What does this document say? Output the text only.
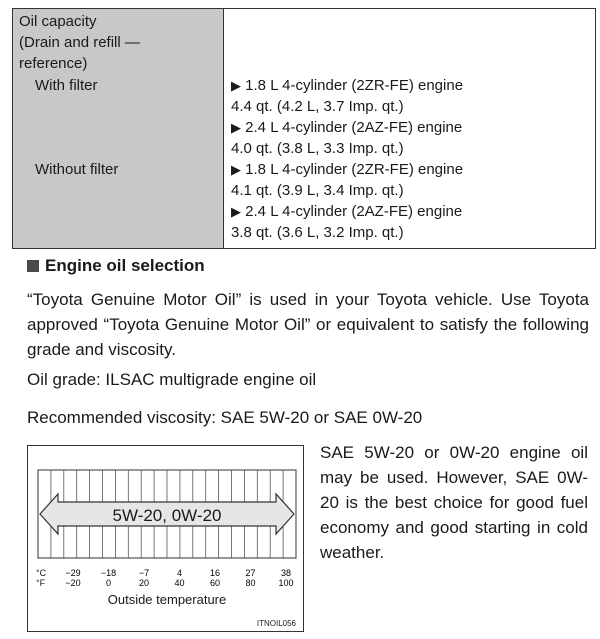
Oil capacity
(Drain and refill —
reference)
With filter
Without filter
▶ 1.8 L 4-cylinder (2ZR-FE) engine
4.4 qt. (4.2 L, 3.7 Imp. qt.)
▶ 2.4 L 4-cylinder (2AZ-FE) engine
4.0 qt. (3.8 L, 3.3 Imp. qt.)
▶ 1.8 L 4-cylinder (2ZR-FE) engine
4.1 qt. (3.9 L, 3.4 Imp. qt.)
▶ 2.4 L 4-cylinder (2AZ-FE) engine
3.8 qt. (3.6 L, 3.2 Imp. qt.)
Engine oil selection
“Toyota Genuine Motor Oil” is used in your Toyota vehicle. Use Toyota approved “Toyota Genuine Motor Oil” or equivalent to satisfy the following grade and viscosity.
Oil grade: ILSAC multigrade engine oil
Recommended viscosity: SAE 5W-20 or SAE 0W-20
5W-20, 0W-20
°C
°F
−29
−20
−18
0
−7
20
4
40
16
60
27
80
38
100
Outside temperature
ITNOIL056
SAE 5W-20 or 0W-20 engine oil may be used. However, SAE 0W-20 is the best choice for good fuel economy and good starting in cold weather.
